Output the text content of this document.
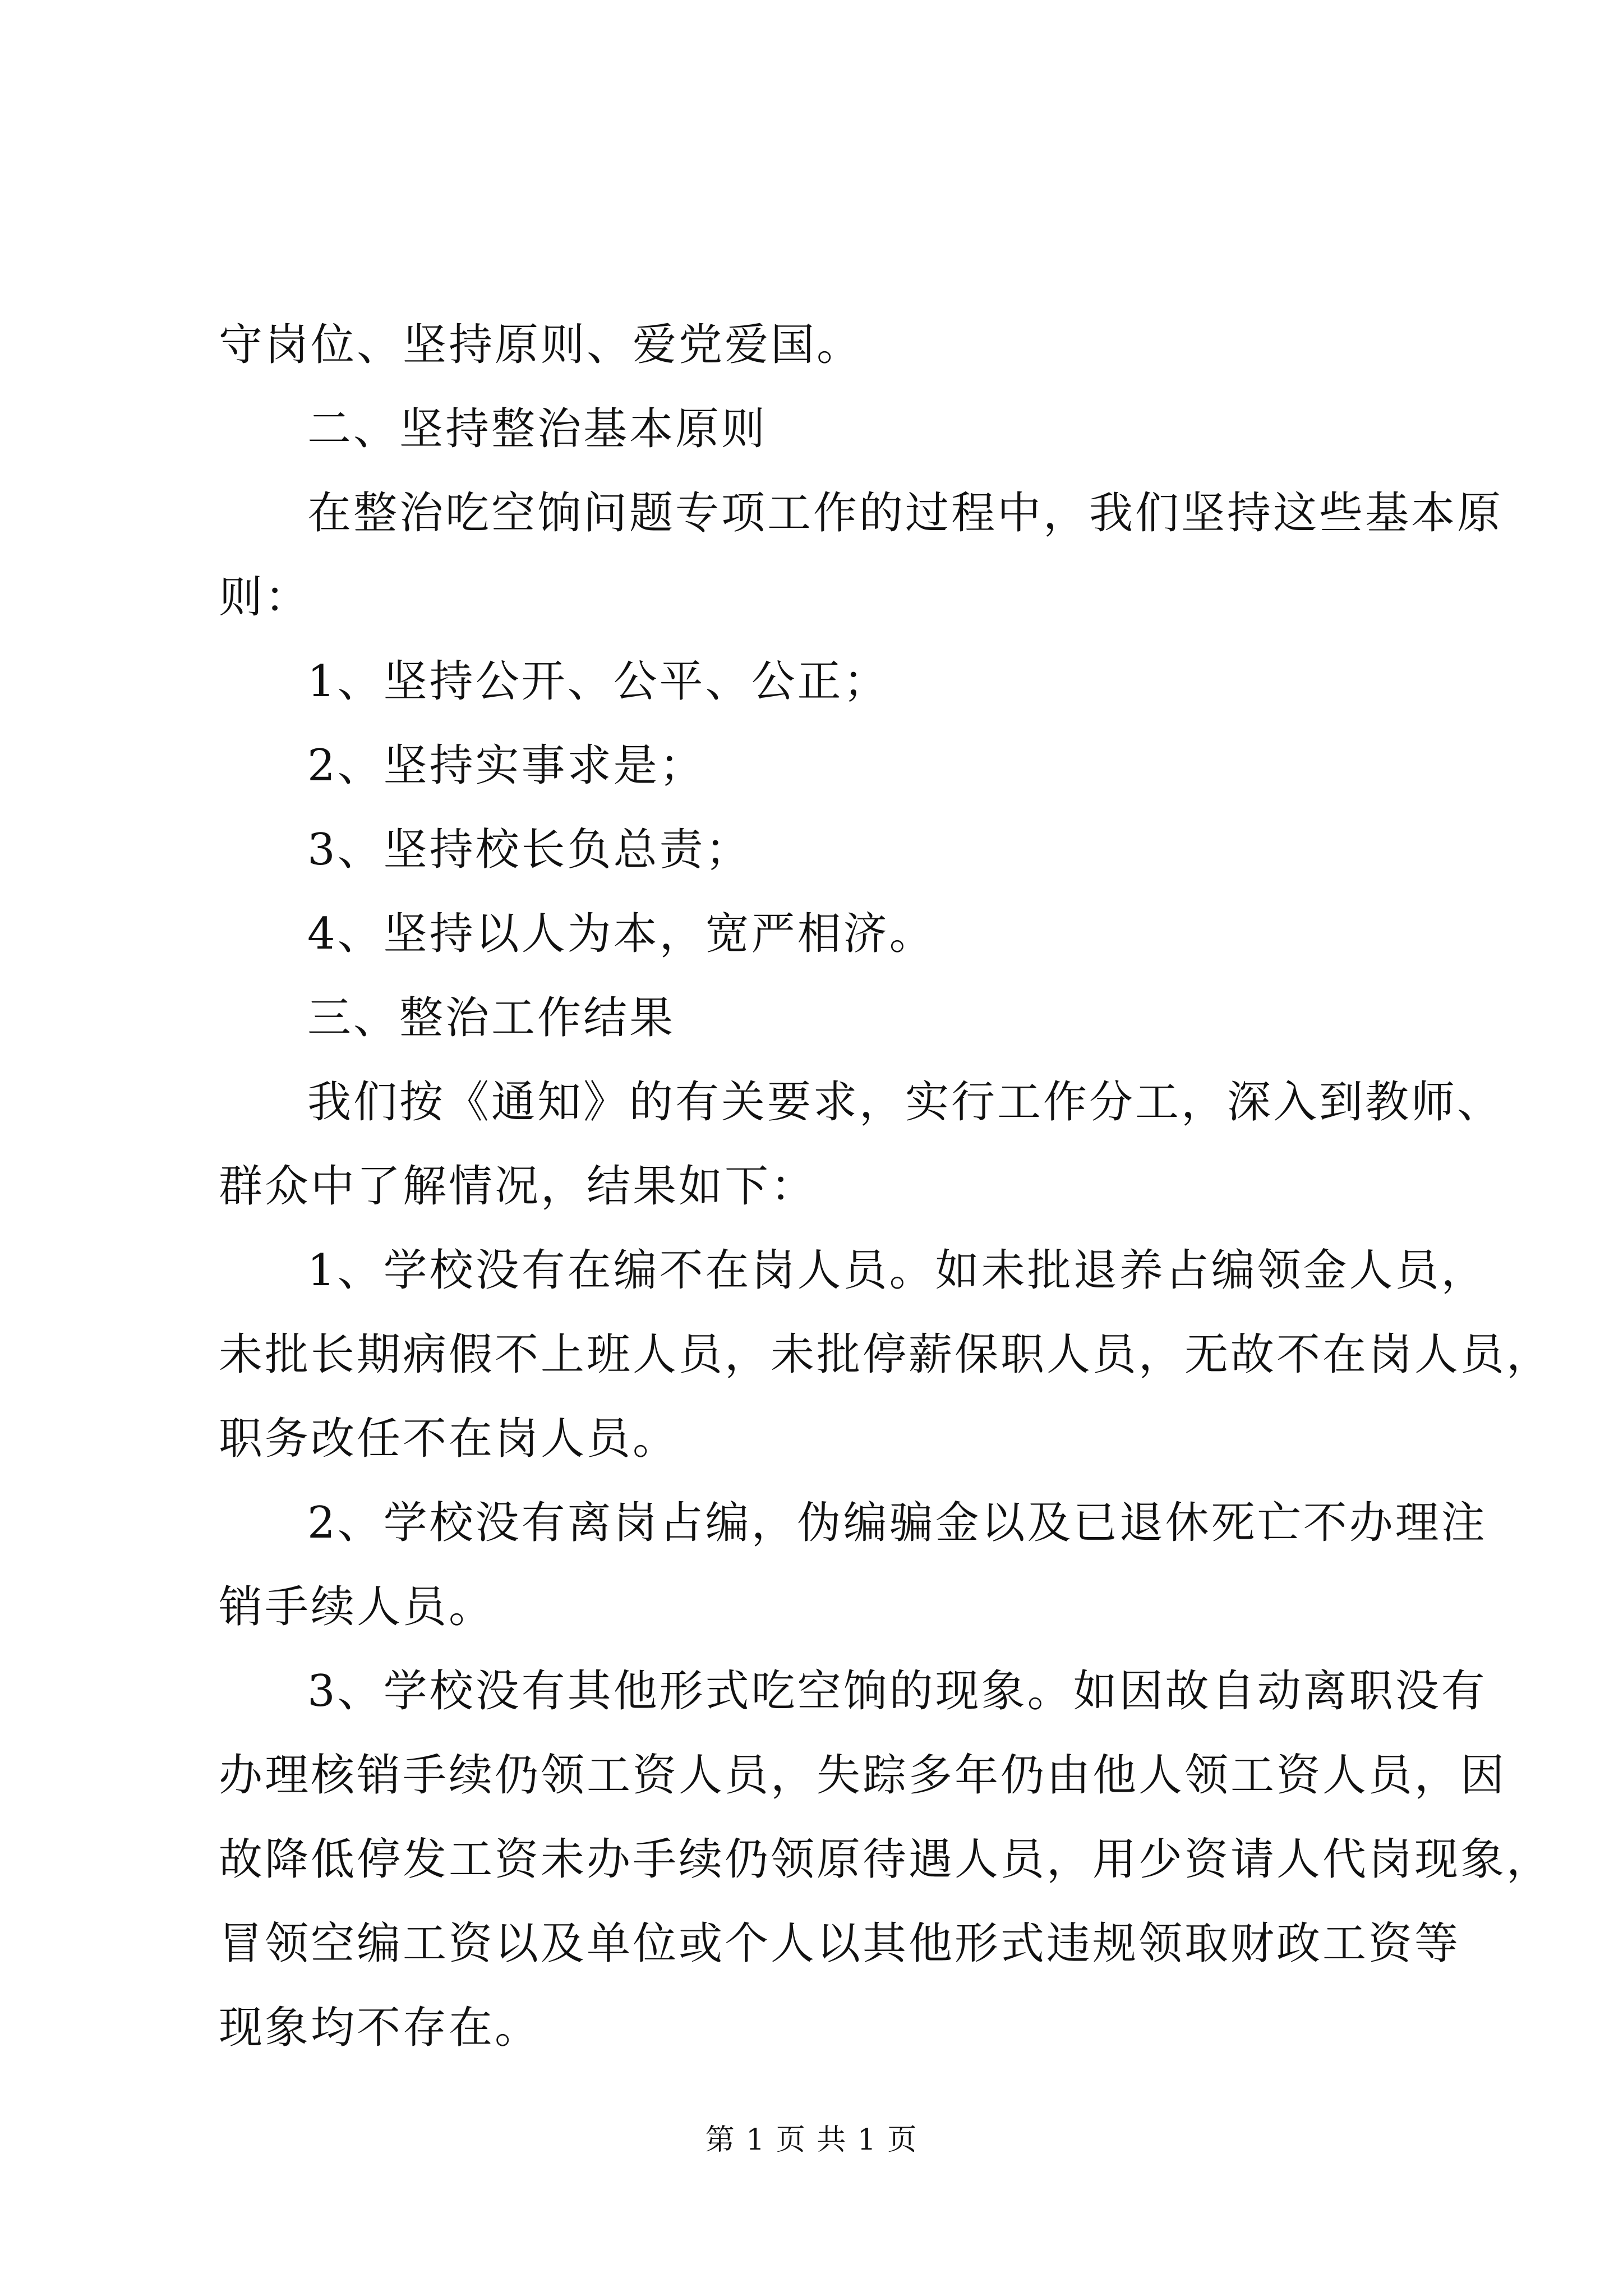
守岗位、坚持原则、爱党爱国。
二、坚持整治基本原则
在整治吃空饷问题专项工作的过程中，我们坚持这些基本原
则：
1、坚持公开、公平、公正；
2、坚持实事求是；
3、坚持校长负总责；
4、坚持以人为本，宽严相济。
三、整治工作结果
我们按《通知》的有关要求，实行工作分工，深入到教师、
群众中了解情况，结果如下：
1、学校没有在编不在岗人员。如未批退养占编领金人员，
未批长期病假不上班人员，未批停薪保职人员，无故不在岗人员，
职务改任不在岗人员。
2、学校没有离岗占编，伪编骗金以及已退休死亡不办理注
销手续人员。
3、学校没有其他形式吃空饷的现象。如因故自动离职没有
办理核销手续仍领工资人员，失踪多年仍由他人领工资人员，因
故降低停发工资未办手续仍领原待遇人员，用少资请人代岗现象，
冒领空编工资以及单位或个人以其他形式违规领取财政工资等
现象均不存在。
第 1 页 共 1 页
